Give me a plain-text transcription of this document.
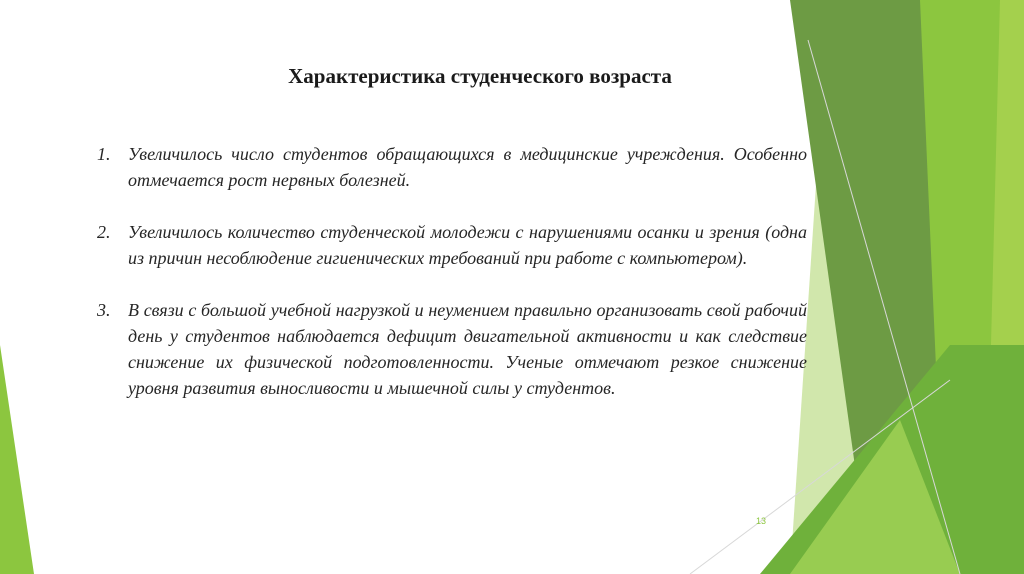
Характеристика студенческого возраста
1. Увеличилось число студентов обращающихся в медицинские учреждения. Особенно отмечается рост нервных болезней.
2. Увеличилось количество студенческой молодежи с нарушениями осанки и зрения (одна из причин несоблюдение гигиенических требований при работе с компьютером).
3. В связи с большой учебной нагрузкой и неумением правильно организовать свой рабочий день у студентов наблюдается дефицит двигательной активности и как следствие снижение их физической подготовленности. Ученые отмечают резкое снижение уровня развития выносливости и мышечной силы у студентов.
13
